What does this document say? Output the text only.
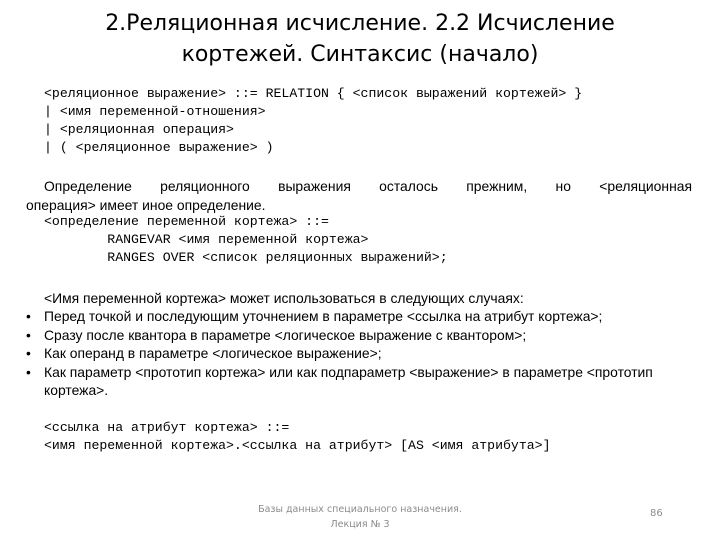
2.Реляционная исчисление. 2.2 Исчисление
кортежей. Синтаксис (начало)
<реляционное выражение> ::= RELATION { <список выражений кортежей> }
| <имя переменной-отношения>
| <реляционная операция>
| ( <реляционное выражение> )
Определение реляционного выражения осталось прежним, но <реляционная
операция> имеет иное определение.
<определение переменной кортежа> ::=
RANGEVAR <имя переменной кортежа>
RANGES OVER <список реляционных выражений>;
<Имя переменной кортежа> может использоваться в следующих случаях:
• Перед точкой и последующим уточнением в параметре <ссылка на атрибут кортежа>;
• Сразу после квантора в параметре <логическое выражение с квантором>;
• Как операнд в параметре <логическое выражение>;
• Как параметр <прототип кортежа> или как подпараметр <выражение> в параметре <прототип кортежа>.
<ссылка на атрибут кортежа> ::=
<имя переменной кортежа>.<ссылка на атрибут> [AS <имя атрибута>]
Базы данных специального назначения.
Лекция № 3
86
